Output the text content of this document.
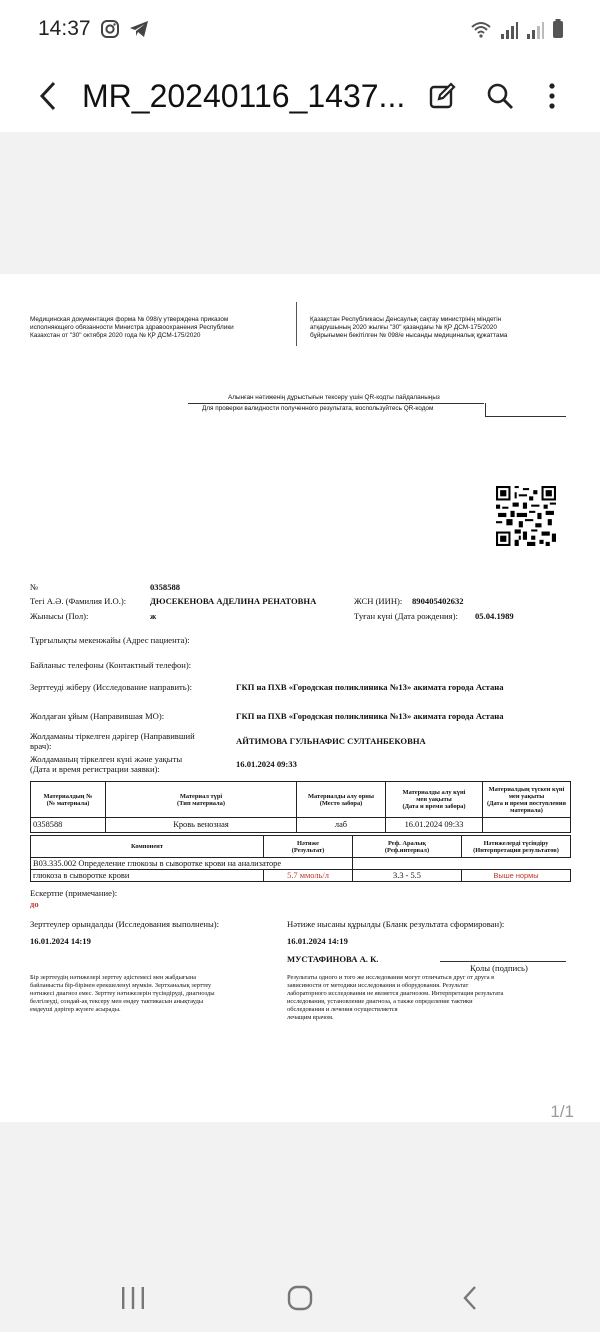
14:37
MR_20240116_1437...
Медицинская документация форма № 098/у утверждена приказом
исполняющего обязанности Министра здравоохранения Республики
Казахстан от "30" октября 2020 года № ҚР ДСМ-175/2020
Қазақстан Республикасы Денсаулық сақтау министрінің міндетін
атқарушының 2020 жылғы "30" қазандағы № ҚР ДСМ-175/2020
бұйрығымен бекітілген № 098/е нысанды медициналық құжаттама
Алынған нәтиженің дұрыстығын тексеру үшін QR-кодты пайдаланыңыз
Для проверки валидности полученного результата, воспользуйтесь QR-кодом
№	0358588
Тегі А.Ә. (Фамилия И.О.):	ДЮСЕКЕНОВА АДЕЛИНА РЕНАТОВНА	ЖСН (ИИН): 890405402632
Жынысы (Пол):	ж	Туған күні (Дата рождения): 05.04.1989
Тұрғылықты мекенжайы (Адрес пациента):
Байланыс телефоны (Контактный телефон):
Зерттеуді жіберу (Исследование направить):	ГКП на ПХВ «Городская поликлиника №13» акимата города Астана
Жолдаған ұйым (Направившая МО):	ГКП на ПХВ «Городская поликлиника №13» акимата города Астана
Жолдаманы тіркелген дәрігер (Направивший
врач):	АЙТИМОВА ГУЛЬНАФИС СУЛТАНБЕКОВНА
Жолдаманың тіркелген күні және уақыты
(Дата и время регистрации заявки):	16.01.2024 09:33
Материалдың №
(№ материала)	Материал түрі
(Тип материала)	Материалды алу орны
(Место забора)	Материалды алу күні
мен уақыты
(Дата и время забора)	Материалдың түскен күні
мен уақыты
(Дата и время поступления
материала)
0358588	Кровь венозная	лаб	16.01.2024 09:33	
Компонент	Нәтиже
(Результат)	Реф. Аралық
(Реф.интервал)	Нәтижелерді түсіндіру
(Интерпретация результатов)
B03.335.002 Определение глюкозы в сыворотке крови на анализаторе			
глюкоза в сыворотке крови	5.7 ммоль/л	3.3 - 5.5	Выше нормы
Ескертпе (примечание):
до
Зерттеулер орындалды (Исследования выполнены):
16.01.2024 14:19
Нәтиже нысаны құрылды (Бланк результата сформирован):
16.01.2024 14:19
МУСТАФИНОВА А. К.
Қолы (подпись)
Бір зерттеудің нәтижелері зерттеу әдістемесі мен жабдығына
байланысты бір-бірінен ерекшеленуі мүмкін. Зертханалық зерттеу
нәтижесі диагноз емес. Зерттеу нәтижелерін түсіндіруді, диагнозды
белгілеуді, сондай-ақ тексеру мен емдеу тактикасын анықтауды
емдеуші дәрігер жүзеге асырады.
Результаты одного и того же исследования могут отличаться друг от друга в
зависимости от методики исследования и оборудования. Результат
лабораторного исследования не является диагнозом. Интерпретация результата
исследования, установление диагноза, а также определение тактики
обследования и лечения осуществляется
лечащим врачом.
1/1
